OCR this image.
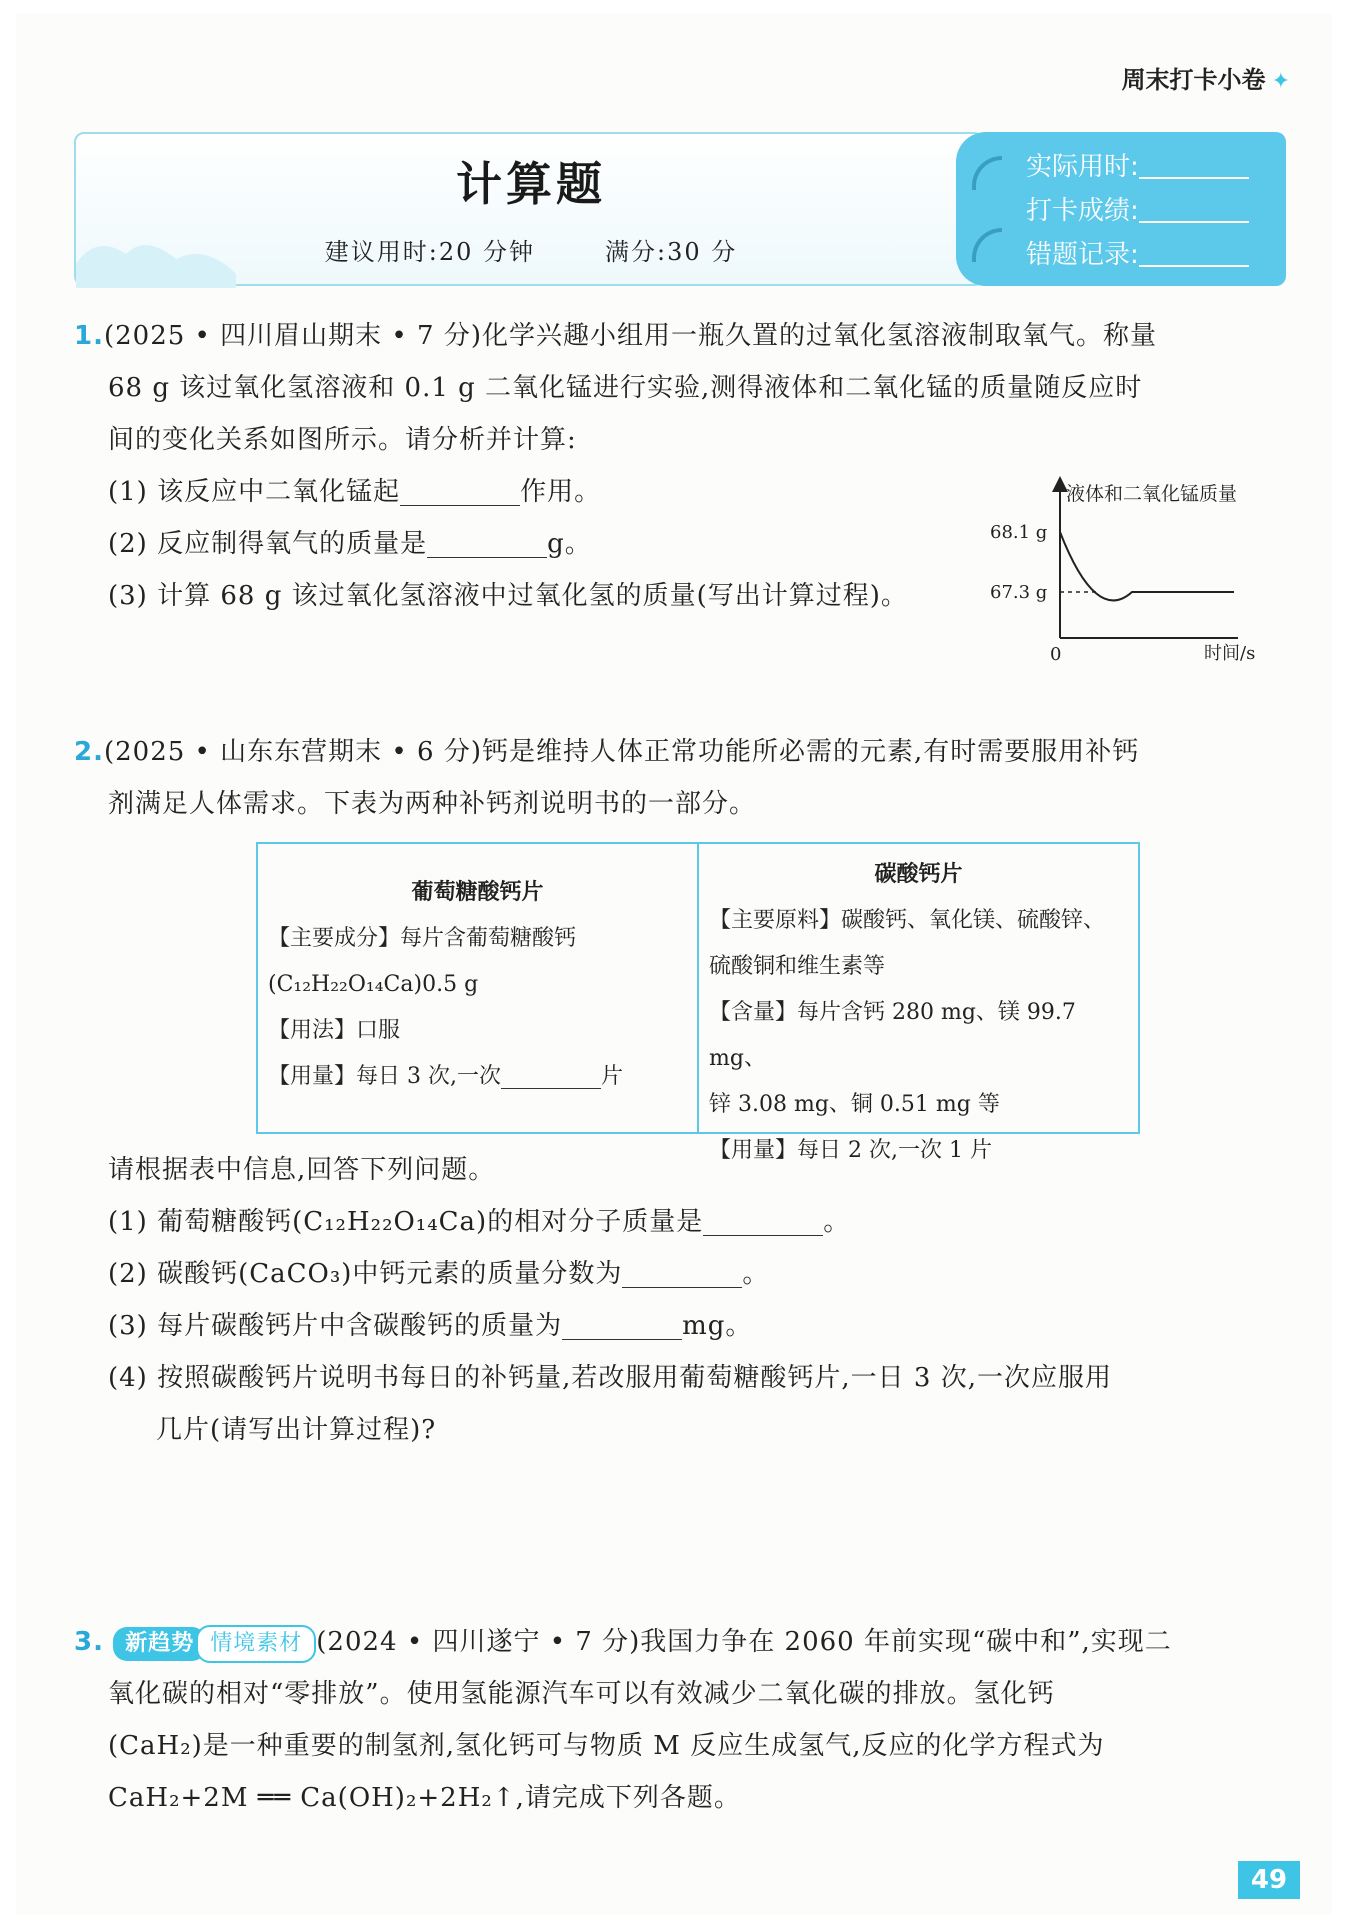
周末打卡小卷 ✦
计算题
建议用时:20 分钟	满分:30 分
实际用时:
打卡成绩:
错题记录:
1.(2025 • 四川眉山期末 • 7 分)化学兴趣小组用一瓶久置的过氧化氢溶液制取氧气。称量
68 g 该过氧化氢溶液和 0.1 g 二氧化锰进行实验,测得液体和二氧化锰的质量随反应时
间的变化关系如图所示。请分析并计算:
(1) 该反应中二氧化锰起	作用。
(2) 反应制得氧气的质量是	g。
(3) 计算 68 g 该过氧化氢溶液中过氧化氢的质量(写出计算过程)。
液体和二氧化锰质量
时间/s
68.1 g
67.3 g
0
2.(2025 • 山东东营期末 • 6 分)钙是维持人体正常功能所必需的元素,有时需要服用补钙
剂满足人体需求。下表为两种补钙剂说明书的一部分。
葡萄糖酸钙片
【主要成分】每片含葡萄糖酸钙
(C₁₂H₂₂O₁₄Ca)0.5 g
【用法】口服
【用量】每日 3 次,一次	片
碳酸钙片
【主要原料】碳酸钙、氧化镁、硫酸锌、
硫酸铜和维生素等
【含量】每片含钙 280 mg、镁 99.7 mg、
锌 3.08 mg、铜 0.51 mg 等
【用量】每日 2 次,一次 1 片
请根据表中信息,回答下列问题。
(1) 葡萄糖酸钙(C₁₂H₂₂O₁₄Ca)的相对分子质量是	。
(2) 碳酸钙(CaCO₃)中钙元素的质量分数为	。
(3) 每片碳酸钙片中含碳酸钙的质量为	mg。
(4) 按照碳酸钙片说明书每日的补钙量,若改服用葡萄糖酸钙片,一日 3 次,一次应服用
几片(请写出计算过程)?
3. 新趋势 情境素材 (2024 • 四川遂宁 • 7 分)我国力争在 2060 年前实现“碳中和”,实现二
氧化碳的相对“零排放”。使用氢能源汽车可以有效减少二氧化碳的排放。氢化钙
(CaH₂)是一种重要的制氢剂,氢化钙可与物质 M 反应生成氢气,反应的化学方程式为
CaH₂+2M ══ Ca(OH)₂+2H₂↑,请完成下列各题。
49
